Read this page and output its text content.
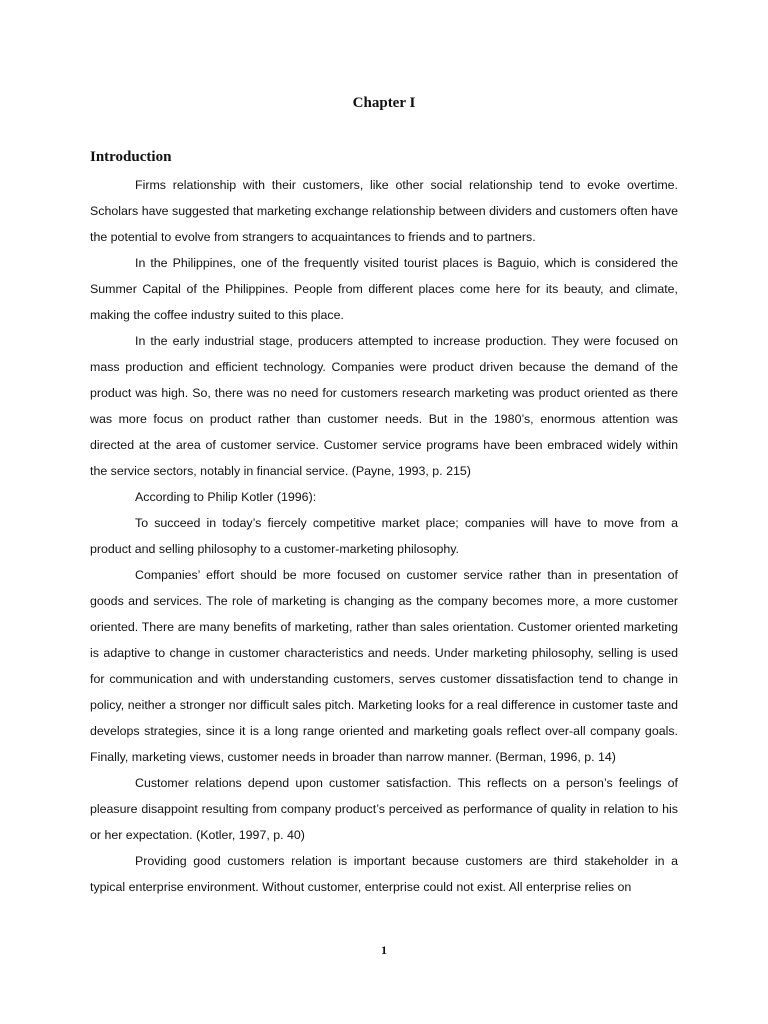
Chapter I
Introduction

Firms relationship with their customers, like other social relationship tend to evoke overtime. Scholars have suggested that marketing exchange relationship between dividers and customers often have the potential to evolve from strangers to acquaintances to friends and to partners.

In the Philippines, one of the frequently visited tourist places is Baguio, which is considered the Summer Capital of the Philippines. People from different places come here for its beauty, and climate, making the coffee industry suited to this place.

In the early industrial stage, producers attempted to increase production. They were focused on mass production and efficient technology. Companies were product driven because the demand of the product was high. So, there was no need for customers research marketing was product oriented as there was more focus on product rather than customer needs. But in the 1980’s, enormous attention was directed at the area of customer service. Customer service programs have been embraced widely within the service sectors, notably in financial service. (Payne, 1993, p. 215)

According to Philip Kotler (1996):

To succeed in today’s fiercely competitive market place; companies will have to move from a product and selling philosophy to a customer-marketing philosophy.

Companies’ effort should be more focused on customer service rather than in presentation of goods and services. The role of marketing is changing as the company becomes more, a more customer oriented. There are many benefits of marketing, rather than sales orientation. Customer oriented marketing is adaptive to change in customer characteristics and needs. Under marketing philosophy, selling is used for communication and with understanding customers, serves customer dissatisfaction tend to change in policy, neither a stronger nor difficult sales pitch. Marketing looks for a real difference in customer taste and develops strategies, since it is a long range oriented and marketing goals reflect over-all company goals. Finally, marketing views, customer needs in broader than narrow manner. (Berman, 1996, p. 14)

Customer relations depend upon customer satisfaction. This reflects on a person’s feelings of pleasure disappoint resulting from company product’s perceived as performance of quality in relation to his or her expectation. (Kotler, 1997, p. 40)

Providing good customers relation is important because customers are third stakeholder in a typical enterprise environment. Without customer, enterprise could not exist. All enterprise relies on

1
